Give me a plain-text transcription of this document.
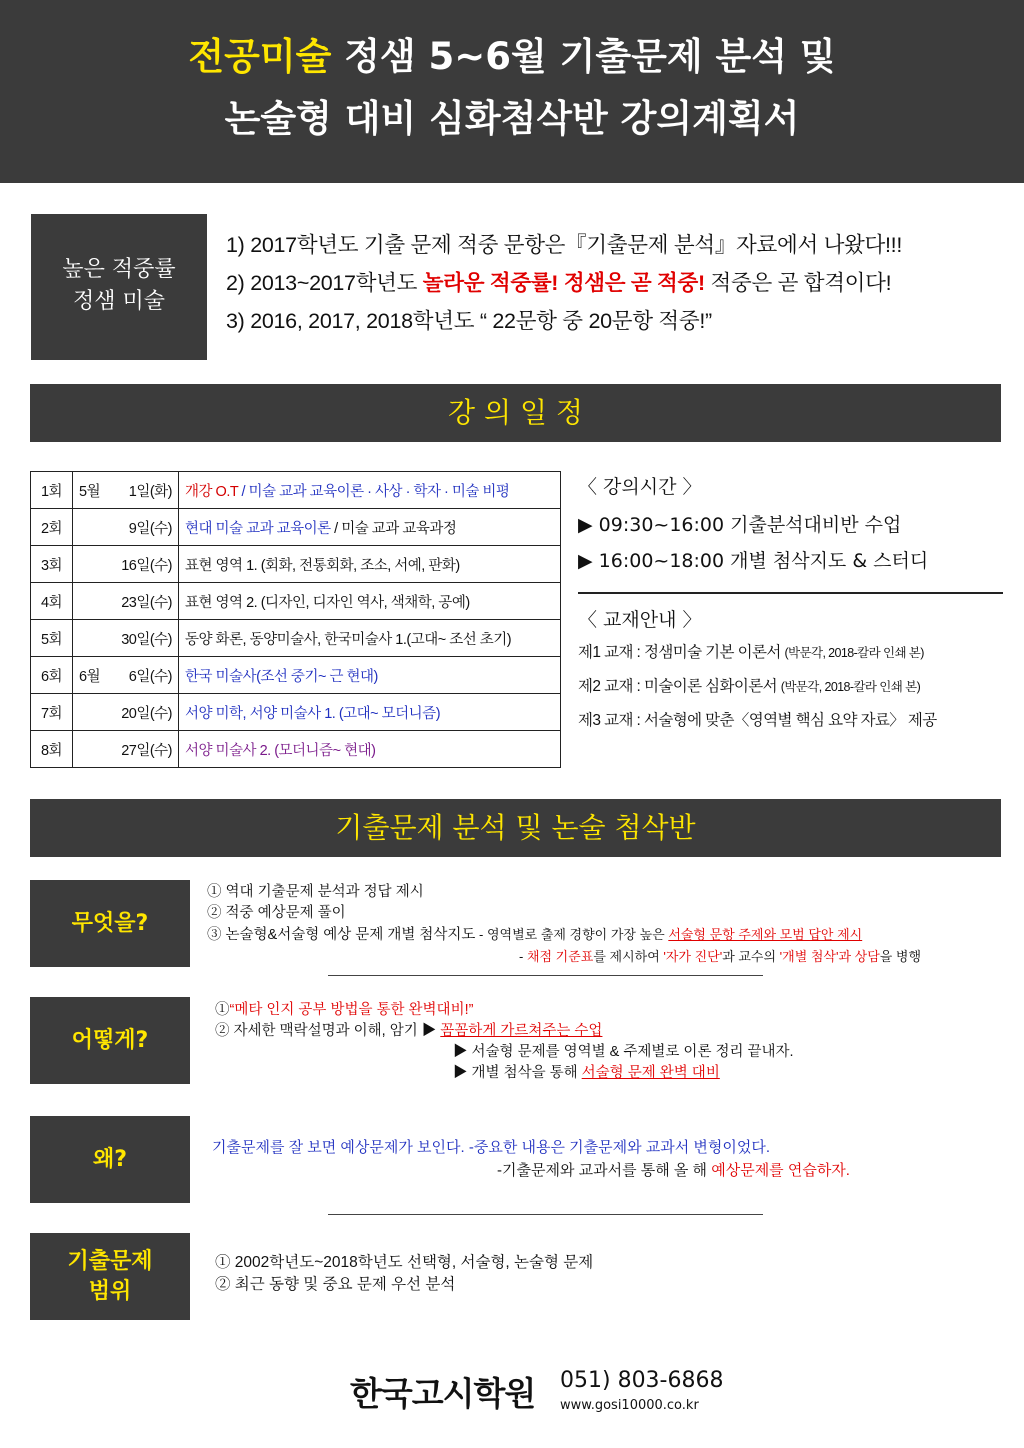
전공미술 정샘 5~6월 기출문제 분석 및
논술형 대비 심화첨삭반 강의계획서
높은 적중률
정샘 미술
1) 2017학년도 기출 문제 적중 문항은『기출문제 분석』자료에서 나왔다!!!
2) 2013~2017학년도 놀라운 적중률! 정샘은 곧 적중! 적중은 곧 합격이다!
3) 2016, 2017, 2018학년도 “ 22문항 중 20문항 적중!”
강 의 일 정
1회	5월 1일(화)	개강 O.T / 미술 교과 교육이론 · 사상 · 학자 · 미술 비평
2회	9일(수)	현대 미술 교과 교육이론 / 미술 교과 교육과정
3회	16일(수)	표현 영역 1. (회화, 전통회화, 조소, 서예, 판화)
4회	23일(수)	표현 영역 2. (디자인, 디자인 역사, 색채학, 공예)
5회	30일(수)	동양 화론, 동양미술사, 한국미술사 1.(고대~ 조선 초기)
6회	6월 6일(수)	한국 미술사(조선 중기~ 근 현대)
7회	20일(수)	서양 미학, 서양 미술사 1. (고대~ 모더니즘)
8회	27일(수)	서양 미술사 2. (모더니즘~ 현대)
〈 강의시간 〉
▶ 09:30~16:00 기출분석대비반 수업
▶ 16:00~18:00 개별 첨삭지도 & 스터디
〈 교재안내 〉
제1 교재 : 정샘미술 기본 이론서 (박문각, 2018-칼라 인쇄 본)
제2 교재 : 미술이론 심화이론서 (박문각, 2018-칼라 인쇄 본)
제3 교재 : 서술형에 맞춘〈영역별 핵심 요약 자료〉 제공
기출문제 분석 및 논술 첨삭반
무엇을?
① 역대 기출문제 분석과 정답 제시
② 적중 예상문제 풀이
③ 논술형&서술형 예상 문제 개별 첨삭지도 - 영역별로 출제 경향이 가장 높은 서술형 문항 주제와 모범 답안 제시
- 채점 기준표를 제시하여 '자가 진단'과 교수의 '개별 첨삭'과 상담을 병행
어떻게?
①“메타 인지 공부 방법을 통한 완벽대비!”
② 자세한 맥락설명과 이해, 암기 ▶ 꼼꼼하게 가르쳐주는 수업
▶ 서술형 문제를 영역별 & 주제별로 이론 정리 끝내자.
▶ 개별 첨삭을 통해 서술형 문제 완벽 대비
왜?	기출문제를 잘 보면 예상문제가 보인다. -중요한 내용은 기출문제와 교과서 변형이었다.
-기출문제와 교과서를 통해 올 해 예상문제를 연습하자.
기출문제
범위
① 2002학년도~2018학년도 선택형, 서술형, 논술형 문제
② 최근 동향 및 중요 문제 우선 분석
한국고시학원 051) 803-6868
www.gosi10000.co.kr
